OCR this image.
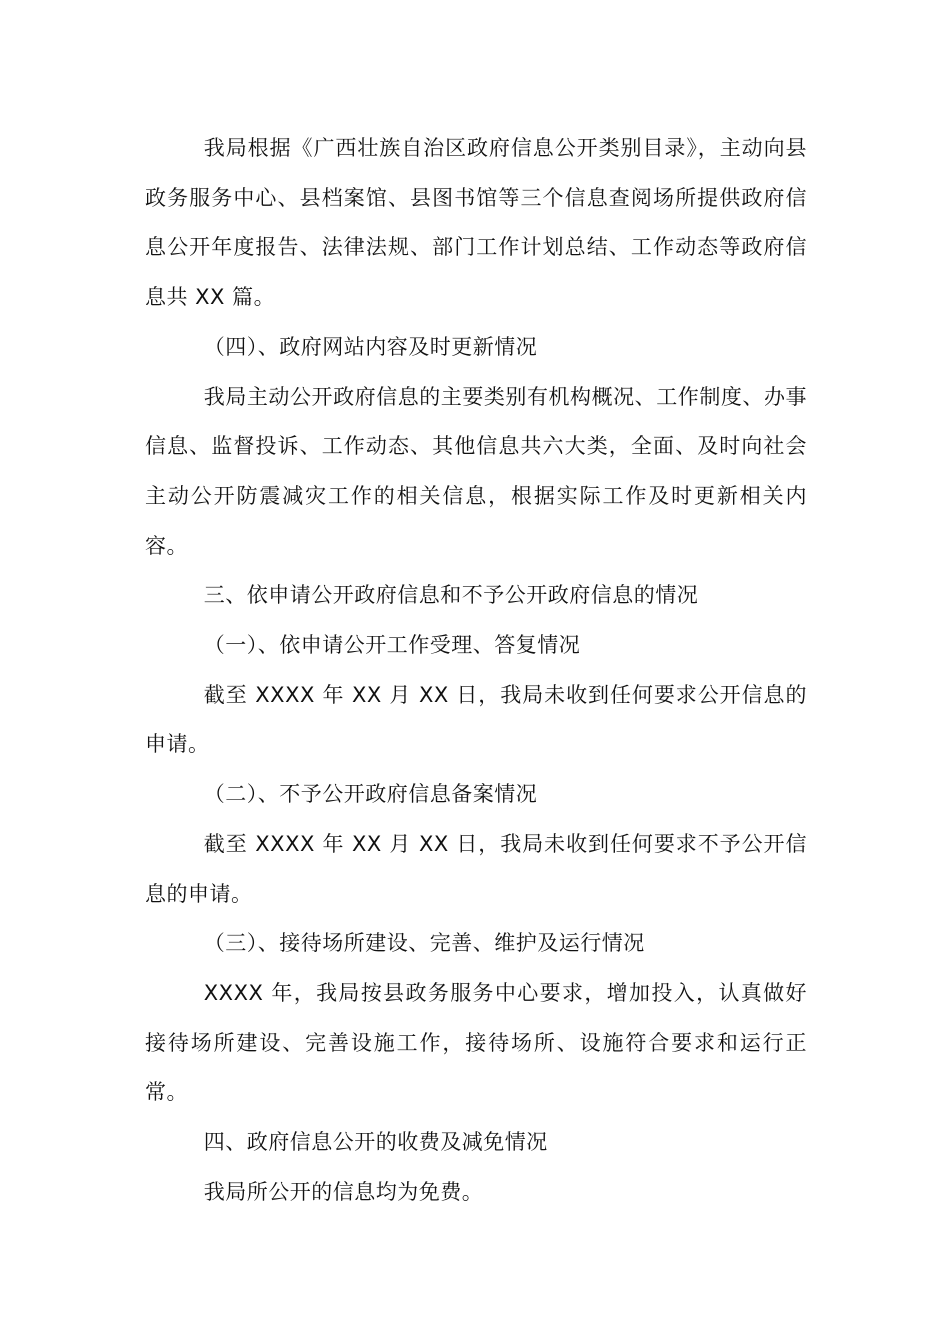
我局根据《广西壮族自治区政府信息公开类别目录》，主动向县政务服务中心、县档案馆、县图书馆等三个信息查阅场所提供政府信息公开年度报告、法律法规、部门工作计划总结、工作动态等政府信息共 XX 篇。

（四）、政府网站内容及时更新情况

我局主动公开政府信息的主要类别有机构概况、工作制度、办事信息、监督投诉、工作动态、其他信息共六大类，全面、及时向社会主动公开防震减灾工作的相关信息，根据实际工作及时更新相关内容。

三、依申请公开政府信息和不予公开政府信息的情况

（一）、依申请公开工作受理、答复情况

截至 XXXX 年 XX 月 XX 日，我局未收到任何要求公开信息的申请。

（二）、不予公开政府信息备案情况

截至 XXXX 年 XX 月 XX 日，我局未收到任何要求不予公开信息的申请。

（三）、接待场所建设、完善、维护及运行情况

XXXX 年，我局按县政务服务中心要求，增加投入，认真做好接待场所建设、完善设施工作，接待场所、设施符合要求和运行正常。

四、政府信息公开的收费及减免情况

我局所公开的信息均为免费。
